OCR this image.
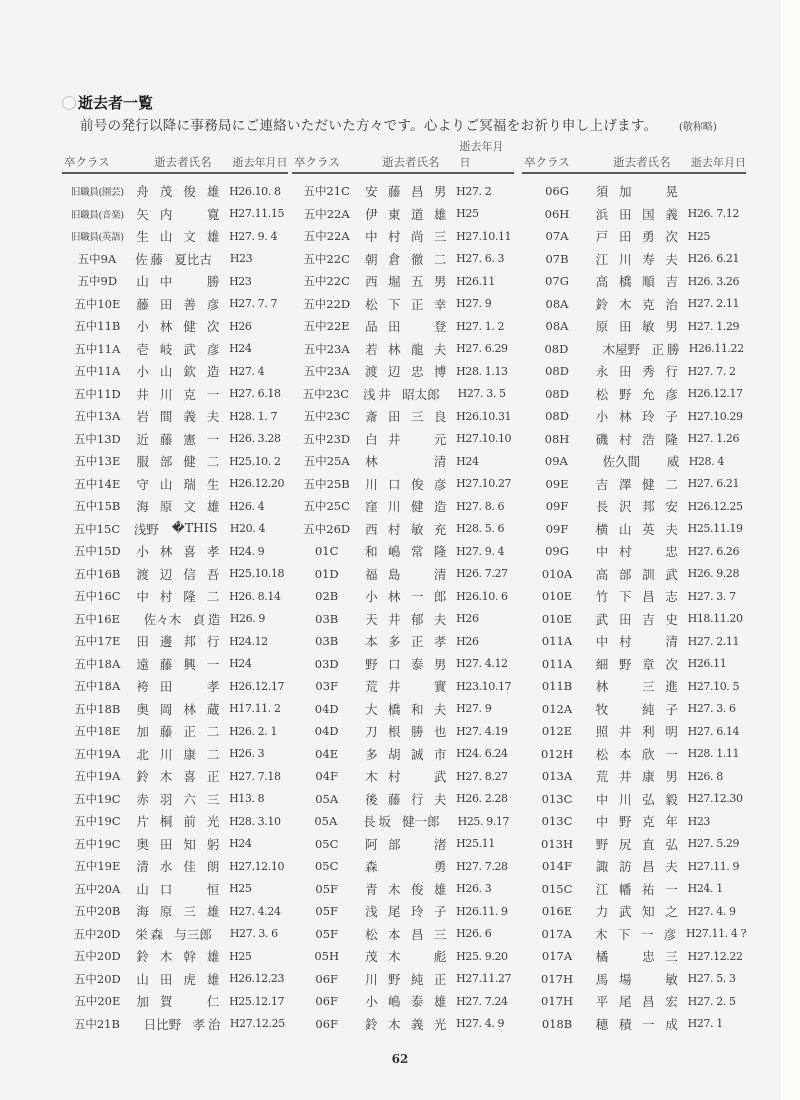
逝去者一覧
前号の発行以降に事務局にご連絡いただいた方々です。心よりご冥福をお祈り申し上げます。 (敬称略)
卒クラス	逝去者氏名	逝去年月日
旧職員(園芸)	舟 茂 俊 雄 H26.10. 8
旧職員(音楽)	矢 内	寛 H27.11.15
旧職員(英語)	生 山 文 雄 H27. 9. 4
五中9A	佐 藤 夏比古	H23
五中9D	山 中	勝 H23
五中10E	藤 田 善 彦 H27. 7. 7
五中11B	小 林 健 次 H26
五中11A	壱 岐 武 彦 H24
五中11A	小 山 欽 造 H27. 4
五中11D	井 川 克 一 H27. 6.18
五中13A	岩 間 義 夫 H28. 1. 7
五中13D	近 藤 憲 一 H26. 3.28
五中13E	服 部 健 二 H25.10. 2
五中14E	守 山 瑞 生 H26.12.20
五中15B	海 原 文 雄 H26. 4
五中15C	浅 野	�THIS	H20. 4
五中15D	小 林 喜 孝 H24. 9
五中16B	渡 辺 信 吾 H25.10.18
五中16C	中 村 隆 二 H26. 8.14
五中16E	佐々木 貞 造 H26. 9
五中17E	田 邊 邦 行 H24.12
五中18A	遠 藤 興 一 H24
五中18A	袴 田	孝 H26.12.17
五中18B	奥 岡 林 蔵 H17.11. 2
五中18E	加 藤 正 二 H26. 2. 1
五中19A	北 川 康 二 H26. 3
五中19A	鈴 木 喜 正 H27. 7.18
五中19C	赤 羽 六 三 H13. 8
五中19C	片 桐 前 光 H28. 3.10
五中19C	奥 田 知 躬 H24
五中19E	清 水 佳 朗 H27.12.10
五中20A	山 口	恒 H25
五中20B	海 原 三 雄 H27. 4.24
五中20D	栄 森 与三郎	H27. 3. 6
五中20D	鈴 木 幹 雄 H25
五中20D	山 田 虎 雄 H26.12.23
五中20E	加 賀	仁 H25.12.17
五中21B	日比野 孝 治 H27.12.25
卒クラス	逝去者氏名
逝去年月日
五中21C	安 藤 昌 男 H27. 2
五中22A	伊 東 道 雄 H25
五中22A	中 村 尚 三 H27.10.11
五中22C	朝 倉 徹 二 H27. 6. 3
五中22C	西 堀 五 男 H26.11
五中22D	松 下 正 幸 H27. 9
五中22E	品 田	登 H27. 1. 2
五中23A	若 林 龍 夫 H27. 6.29
五中23A	渡 辺 忠 博 H28. 1.13
五中23C	浅 井 昭太郎	H27. 3. 5
五中23C	斎 田 三 良 H26.10.31
五中23D	白 井	元 H27.10.10
五中25A	林	清 H24
五中25B	川 口 俊 彦 H27.10.27
五中25C	窪 川 健 造 H27. 8. 6
五中26D	西 村 敏 充 H28. 5. 6
01C	和 嶋 常 隆 H27. 9. 4
01D	福 島	清 H26. 7.27
02B	小 林 一 郎 H26.10. 6
03B	天 井 郁 夫 H26
03B	本 多 正 孝 H26
03D	野 口 泰 男 H27. 4.12
03F	荒 井	實 H23.10.17
04D	大 橋 和 夫 H27. 9
04D	刀 根 勝 也 H27. 4.19
04E	多 胡 誠 市 H24. 6.24
04F	木 村	武 H27. 8.27
05A	後 藤 行 夫 H26. 2.28
05A	長 坂 健一郎	H25. 9.17
05C	阿 部	渚 H25.11
05C	森	勇 H27. 7.28
05F	青 木 俊 雄 H26. 3
05F	浅 尾 玲 子 H26.11. 9
05F	松 本 昌 三 H26. 6
05H	茂 木	彪 H25. 9.20
06F	川 野 純 正 H27.11.27
06F	小 嶋 泰 雄 H27. 7.24
06F	鈴 木 義 光 H27. 4. 9
卒クラス	逝去者氏名	逝去年月日
06G	須 加	晃
06H	浜 田 国 義 H26. 7.12
07A	戸 田 勇 次 H25
07B	江 川 寿 夫 H26. 6.21
07G	高 橋 順 吉 H26. 3.26
08A	鈴 木 克 治 H27. 2.11
08A	原 田 敏 男 H27. 1.29
08D	木屋野 正 勝 H26.11.22
08D	永 田 秀 行 H27. 7. 2
08D	松 野 允 彦 H26.12.17
08D	小 林 玲 子 H27.10.29
08H	磯 村 浩 隆 H27. 1.26
09A	佐久間	威 H28. 4
09E	吉 澤 健 二 H27. 6.21
09F	長 沢 邦 安 H26.12.25
09F	横 山 英 夫 H25.11.19
09G	中 村	忠 H27. 6.26
010A	高 部 訓 武 H26. 9.28
010E	竹 下 昌 志 H27. 3. 7
010E	武 田 吉 史 H18.11.20
011A	中 村	清 H27. 2.11
011A	細 野 章 次 H26.11
011B	林	三 進 H27.10. 5
012A	牧	純 子 H27. 3. 6
012E	照 井 利 明 H27. 6.14
012H	松 本 欣 一 H28. 1.11
013A	荒 井 康 男 H26. 8
013C	中 川 弘 毅 H27.12.30
013C	中 野 克 年 H23
013H	野 尻 直 弘 H27. 5.29
014F	諏 訪 昌 夫 H27.11. 9
015C	江 幡 祐 一 H24. 1
016E	力 武 知 之 H27. 4. 9
017A	木 下 一 彦 H27.11. 4 ?
017A	橘	忠 三 H27.12.22
017H	馬 場	敏 H27. 5. 3
017H	平 尾 昌 宏 H27. 2. 5
018B	穂 積 一 成 H27. 1
62
